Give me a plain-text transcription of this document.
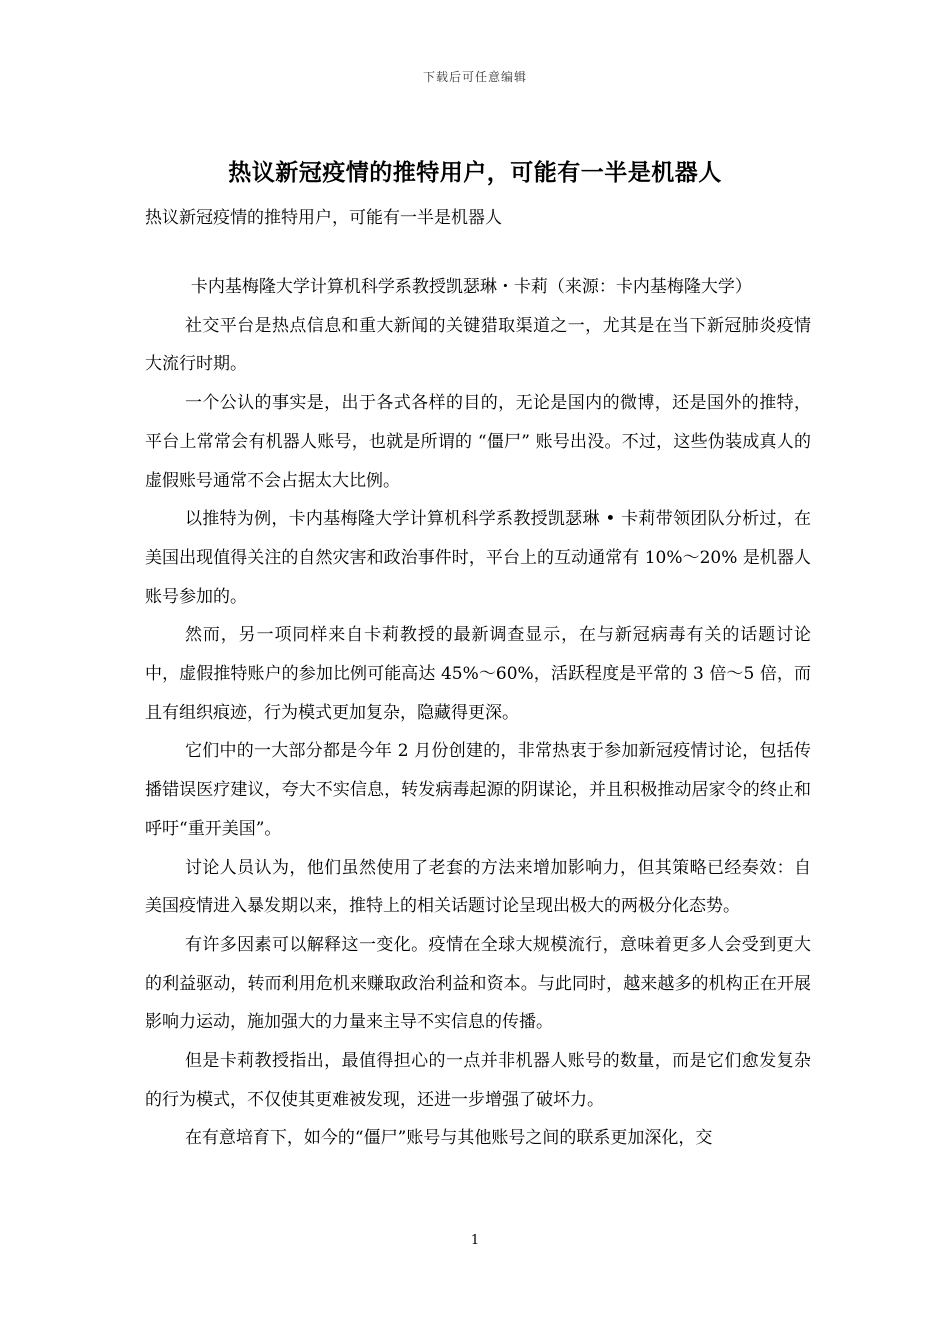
下载后可任意编辑
热议新冠疫情的推特用户，可能有一半是机器人
热议新冠疫情的推特用户，可能有一半是机器人

卡内基梅隆大学计算机科学系教授凯瑟琳・卡莉（来源：卡内基梅隆大学）

社交平台是热点信息和重大新闻的关键猎取渠道之一，尤其是在当下新冠肺炎疫情大流行时期。

一个公认的事实是，出于各式各样的目的，无论是国内的微博，还是国外的推特，平台上常常会有机器人账号，也就是所谓的 “僵尸” 账号出没。不过，这些伪装成真人的虚假账号通常不会占据太大比例。

以推特为例，卡内基梅隆大学计算机科学系教授凯瑟琳 • 卡莉带领团队分析过，在美国出现值得关注的自然灾害和政治事件时，平台上的互动通常有 10%～20% 是机器人账号参加的。

然而，另一项同样来自卡莉教授的最新调查显示，在与新冠病毒有关的话题讨论中，虚假推特账户的参加比例可能高达 45%～60%，活跃程度是平常的 3 倍～5 倍，而且有组织痕迹，行为模式更加复杂，隐藏得更深。

它们中的一大部分都是今年 2 月份创建的，非常热衷于参加新冠疫情讨论，包括传播错误医疗建议，夸大不实信息，转发病毒起源的阴谋论，并且积极推动居家令的终止和呼吁“重开美国”。

讨论人员认为，他们虽然使用了老套的方法来增加影响力，但其策略已经奏效：自美国疫情进入暴发期以来，推特上的相关话题讨论呈现出极大的两极分化态势。

有许多因素可以解释这一变化。疫情在全球大规模流行，意味着更多人会受到更大的利益驱动，转而利用危机来赚取政治利益和资本。与此同时，越来越多的机构正在开展影响力运动，施加强大的力量来主导不实信息的传播。

但是卡莉教授指出，最值得担心的一点并非机器人账号的数量，而是它们愈发复杂的行为模式，不仅使其更难被发现，还进一步增强了破坏力。

在有意培育下，如今的“僵尸”账号与其他账号之间的联系更加深化，交

1
